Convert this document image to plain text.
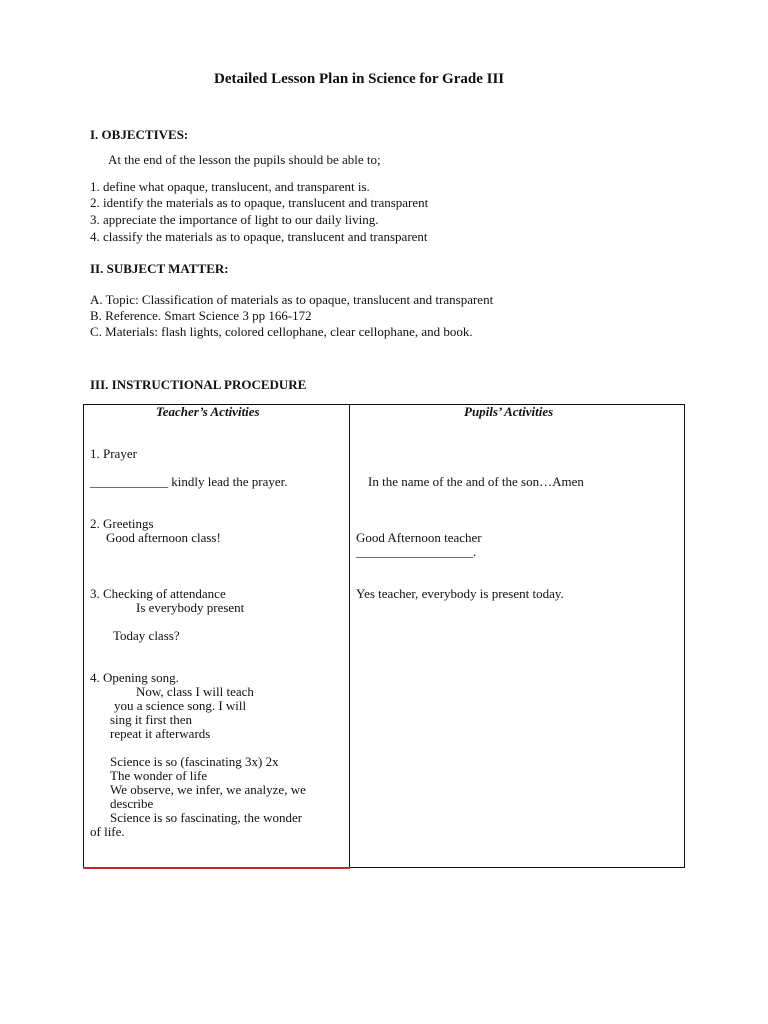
Detailed Lesson Plan in Science for Grade III
I. OBJECTIVES:
At the end of the lesson the pupils should be able to;
1. define what opaque, translucent, and transparent is.
2. identify the materials as to opaque, translucent and transparent
3. appreciate the importance of light to our daily living.
4. classify the materials as to opaque, translucent and transparent
II. SUBJECT MATTER:
A. Topic: Classification of materials as to opaque, translucent and transparent
B. Reference. Smart Science 3 pp 166-172
C. Materials: flash lights, colored cellophane, clear cellophane, and book.
III. INSTRUCTIONAL PROCEDURE
Teacher’s Activities	Pupils’ Activities
1. Prayer
____________ kindly lead the prayer.
2. Greetings
Good afternoon class!
3. Checking of attendance
Is everybody present
Today class?
4. Opening song.
Now, class I will teach
you a science song. I will
sing it first then
repeat it afterwards
Science is so (fascinating 3x) 2x
The wonder of life
We observe, we infer, we analyze, we
describe
Science is so fascinating, the wonder
of life.
In the name of the and of the son…Amen
Good Afternoon teacher
__________________.
Yes teacher, everybody is present today.
